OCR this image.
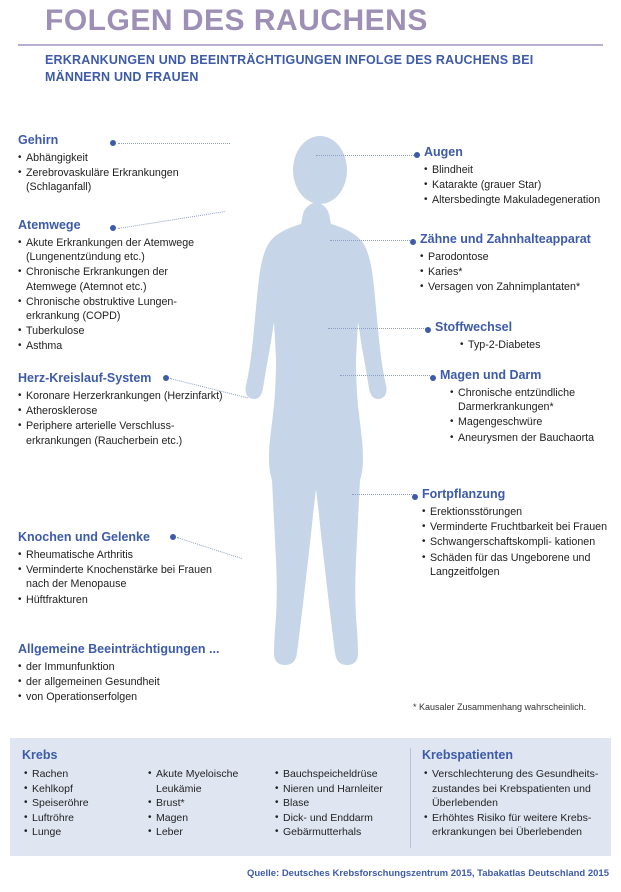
FOLGEN DES RAUCHENS
ERKRANKUNGEN UND BEEINTRÄCHTIGUNGEN INFOLGE DES RAUCHENS BEI MÄNNERN UND FRAUEN
Gehirn
• Abhängigkeit
• Zerebrovaskuläre Erkrankungen (Schlaganfall)
Atemwege
• Akute Erkrankungen der Atemwege (Lungenentzündung etc.)
• Chronische Erkrankungen der Atemwege (Atemnot etc.)
• Chronische obstruktive Lungen- erkrankung (COPD)
• Tuberkulose
• Asthma
Herz-Kreislauf-System
• Koronare Herzerkrankungen (Herzinfarkt)
• Atherosklerose
• Periphere arterielle Verschluss- erkrankungen (Raucherbein etc.)
Knochen und Gelenke
• Rheumatische Arthritis
• Verminderte Knochenstärke bei Frauen nach der Menopause
• Hüftfrakturen
Allgemeine Beeinträchtigungen ...
• der Immunfunktion
• der allgemeinen Gesundheit
• von Operationserfolgen
Augen
• Blindheit
• Katarakte (grauer Star)
• Altersbedingte Makuladegeneration
Zähne und Zahnhalteapparat
• Parodontose
• Karies*
• Versagen von Zahnimplantaten*
Stoffwechsel
• Typ-2-Diabetes
Magen und Darm
• Chronische entzündliche Darmerkrankungen*
• Magengeschwüre
• Aneurysmen der Bauchaorta
Fortpflanzung
• Erektionsstörungen
• Verminderte Fruchtbarkeit bei Frauen
• Schwangerschaftskompli- kationen
• Schäden für das Ungeborene und Langzeitfolgen
* Kausaler Zusammenhang wahrscheinlich.
Krebs
• Rachen
• Kehlkopf
• Speiseröhre
• Luftröhre
• Lunge
• Akute Myeloische Leukämie
• Brust*
• Magen
• Leber
• Bauchspeicheldrüse
• Nieren und Harnleiter
• Blase
• Dick- und Enddarm
• Gebärmutterhals
Krebspatienten
• Verschlechterung des Gesundheits- zustandes bei Krebspatienten und Überlebenden
• Erhöhtes Risiko für weitere Krebs- erkrankungen bei Überlebenden
Quelle: Deutsches Krebsforschungszentrum 2015, Tabakatlas Deutschland 2015
